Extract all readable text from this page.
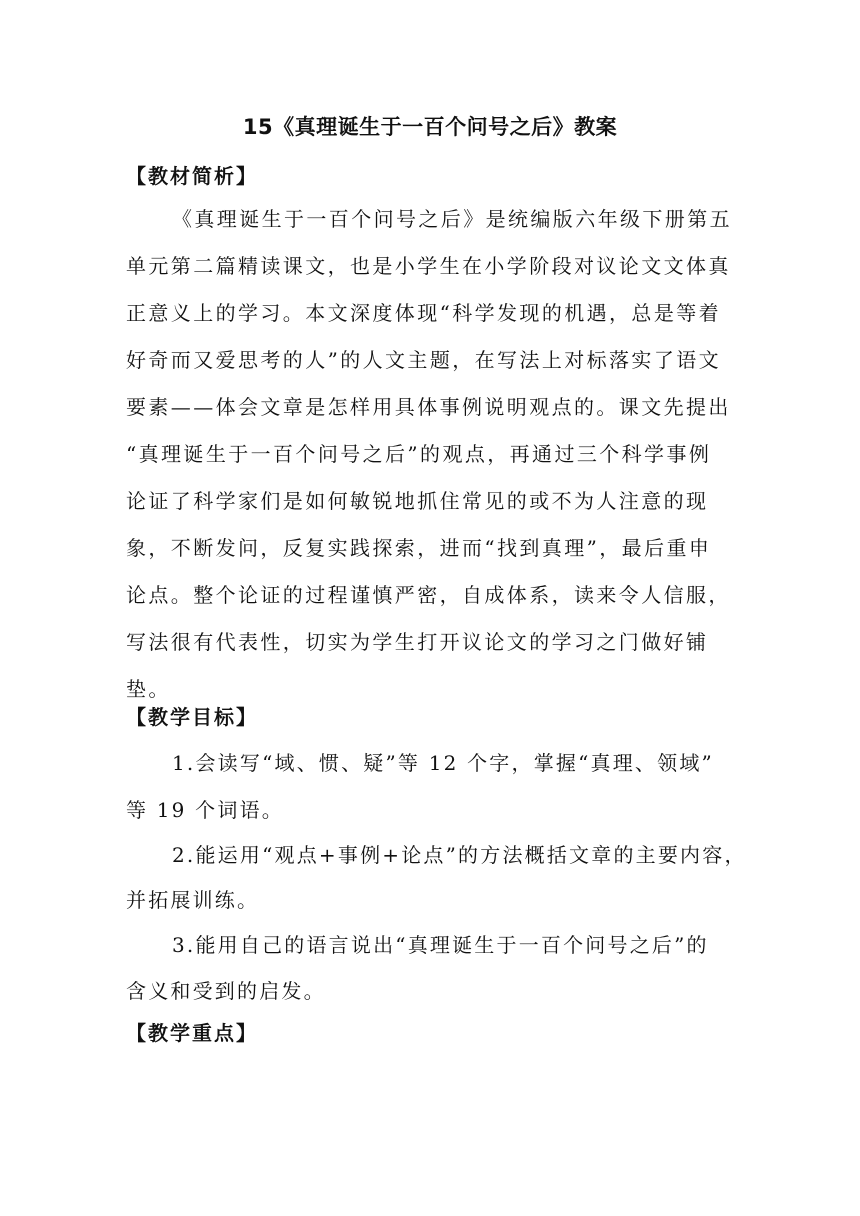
15《真理诞生于一百个问号之后》教案
【教材简析】
《真理诞生于一百个问号之后》是统编版六年级下册第五
单元第二篇精读课文，也是小学生在小学阶段对议论文文体真
正意义上的学习。本文深度体现“科学发现的机遇，总是等着
好奇而又爱思考的人”的人文主题，在写法上对标落实了语文
要素——体会文章是怎样用具体事例说明观点的。课文先提出
“真理诞生于一百个问号之后”的观点，再通过三个科学事例
论证了科学家们是如何敏锐地抓住常见的或不为人注意的现
象，不断发问，反复实践探索，进而“找到真理”，最后重申
论点。整个论证的过程谨慎严密，自成体系，读来令人信服，
写法很有代表性，切实为学生打开议论文的学习之门做好铺
垫。
【教学目标】
1.会读写“域、惯、疑”等 12 个字，掌握“真理、领域”
等 19 个词语。
2.能运用“观点+事例+论点”的方法概括文章的主要内容，
并拓展训练。
3.能用自己的语言说出“真理诞生于一百个问号之后”的
含义和受到的启发。
【教学重点】
